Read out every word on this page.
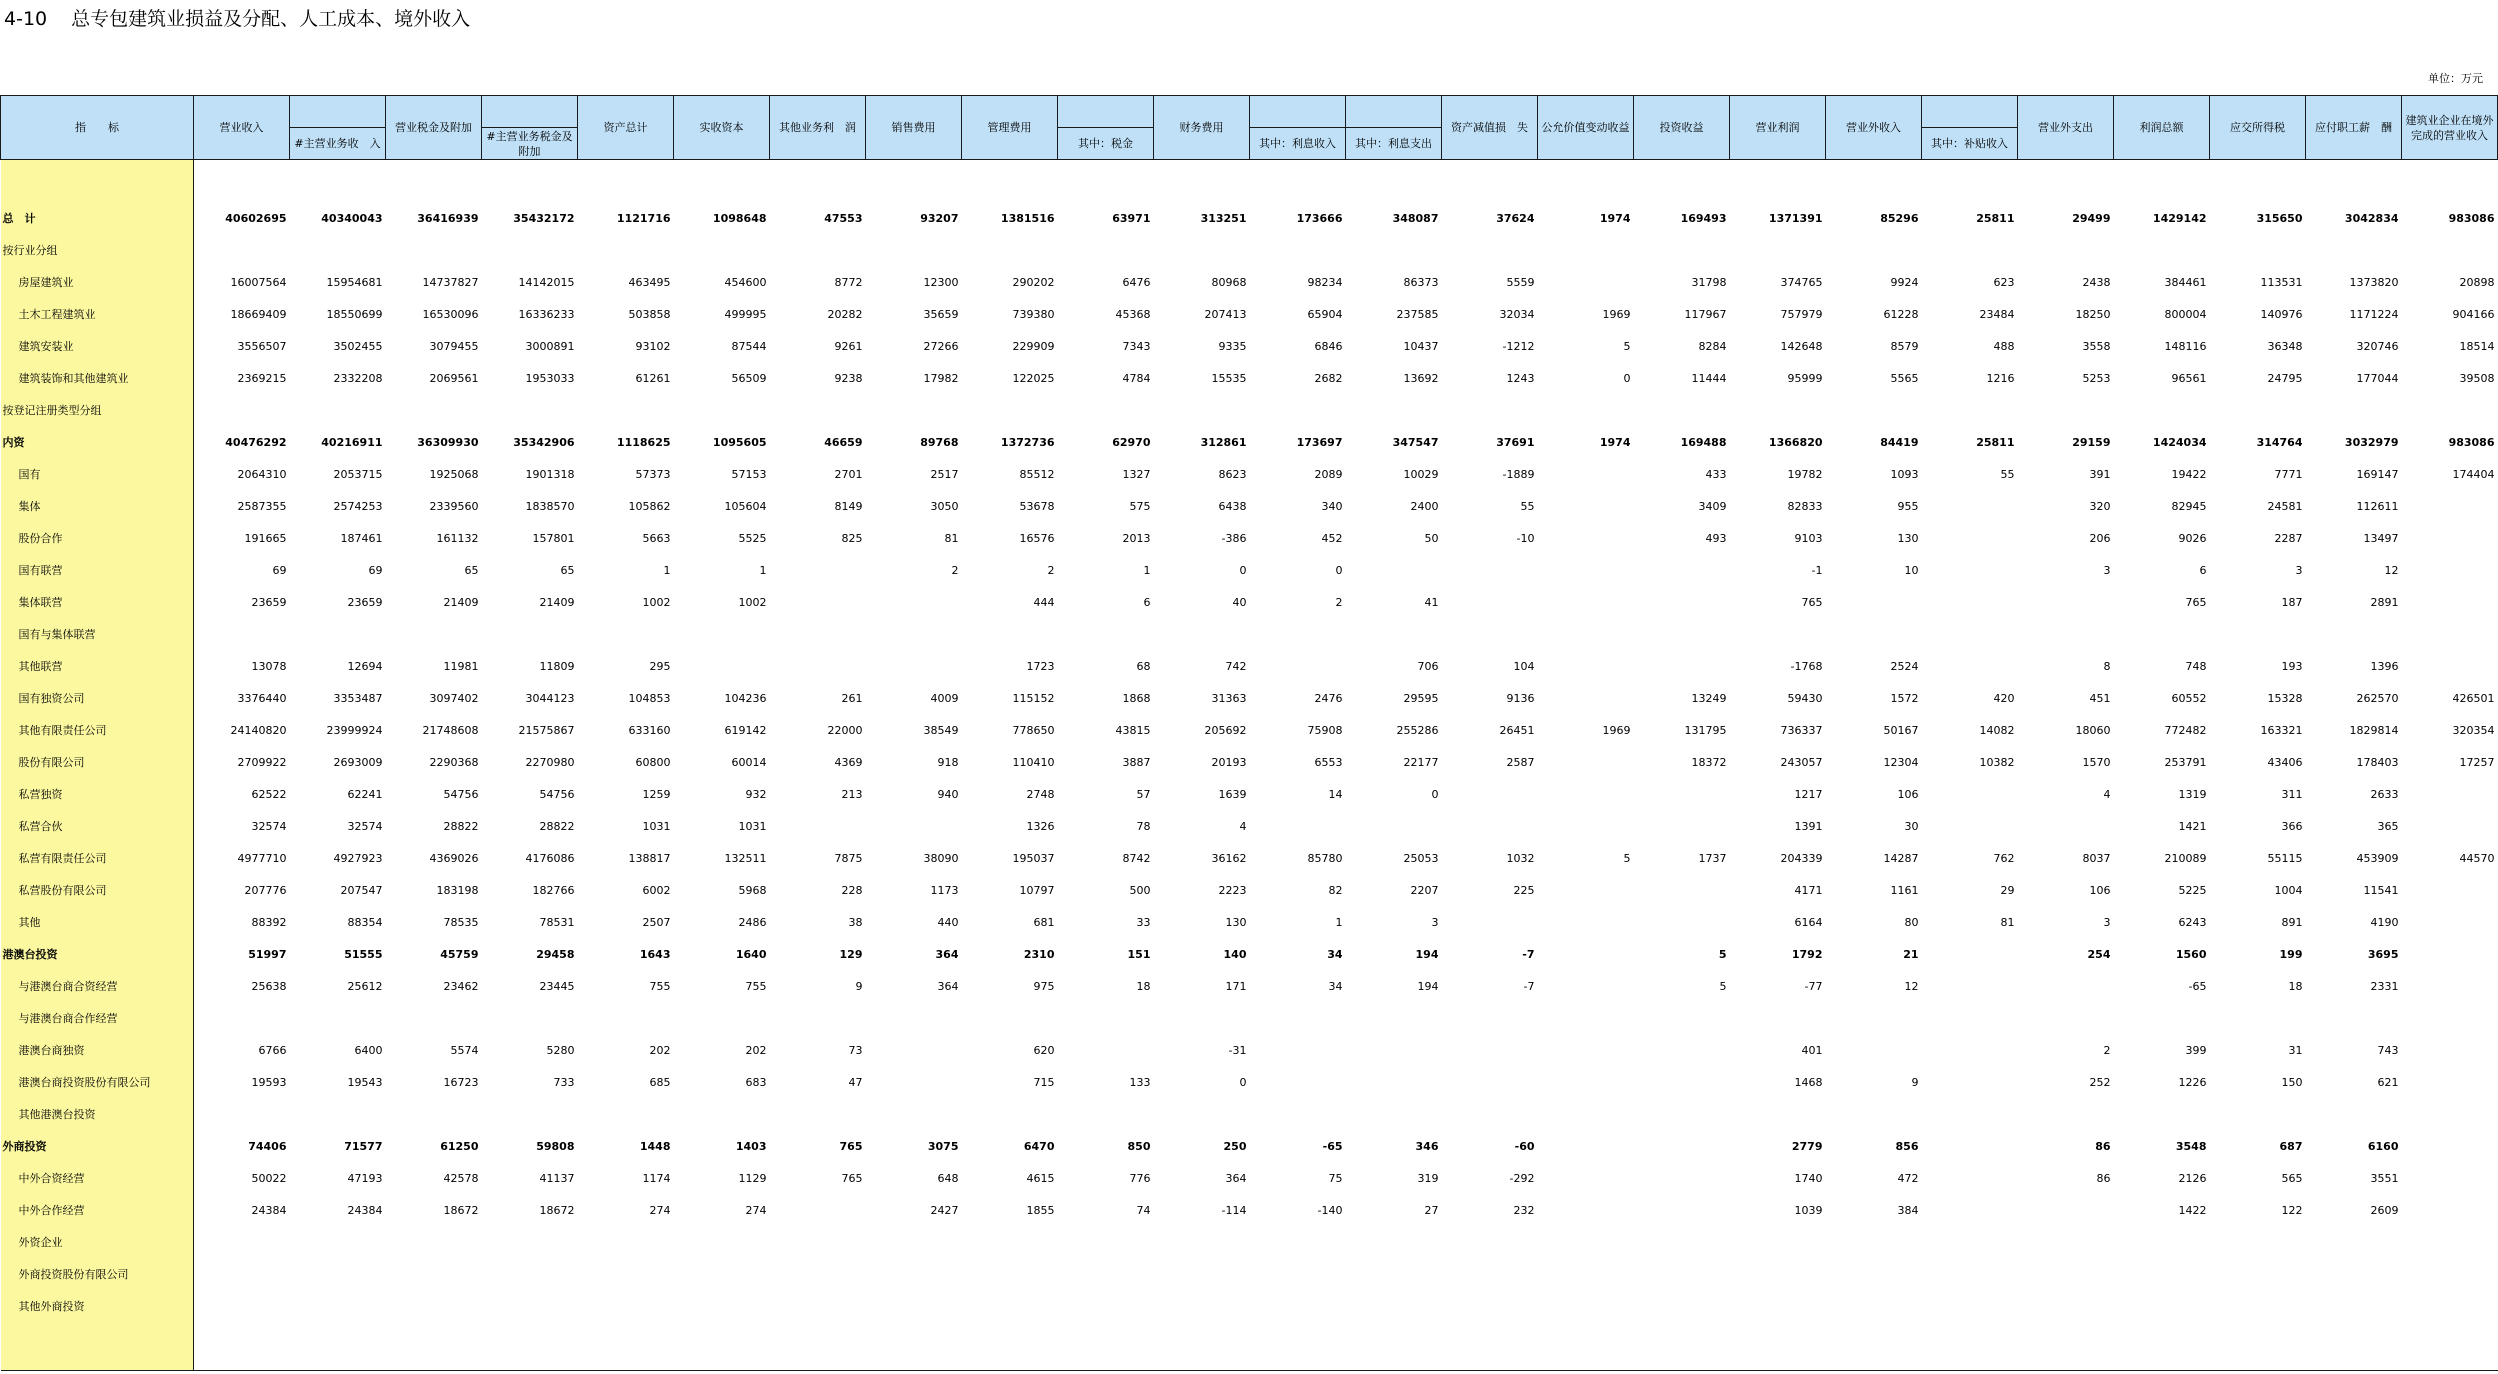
4-10 总专包建筑业损益及分配、人工成本、境外收入
单位：万元
指　　标	营业收入		营业税金及附加		资产总计	实收资本	其他业务利　润	销售费用	管理费用		财务费用			资产减值损　失	公允价值变动收益	投资收益	营业利润	营业外收入		营业外支出	利润总额	应交所得税	应付职工薪　酬	建筑业企业在境外完成的营业收入
		#主营业务收　入		#主营业务税金及附加						其中：税金		其中：利息收入	其中：利息支出						其中：补贴收入					

总　计	40602695	40340043	36416939	35432172	1121716	1098648	47553	93207	1381516	63971	313251	173666	348087	37624	1974	169493	1371391	85296	25811	29499	1429142	315650	3042834	983086
按行业分组																								
房屋建筑业	16007564	15954681	14737827	14142015	463495	454600	8772	12300	290202	6476	80968	98234	86373	5559		31798	374765	9924	623	2438	384461	113531	1373820	20898
土木工程建筑业	18669409	18550699	16530096	16336233	503858	499995	20282	35659	739380	45368	207413	65904	237585	32034	1969	117967	757979	61228	23484	18250	800004	140976	1171224	904166
建筑安装业	3556507	3502455	3079455	3000891	93102	87544	9261	27266	229909	7343	9335	6846	10437	-1212	5	8284	142648	8579	488	3558	148116	36348	320746	18514
建筑装饰和其他建筑业	2369215	2332208	2069561	1953033	61261	56509	9238	17982	122025	4784	15535	2682	13692	1243	0	11444	95999	5565	1216	5253	96561	24795	177044	39508
按登记注册类型分组																								
内资	40476292	40216911	36309930	35342906	1118625	1095605	46659	89768	1372736	62970	312861	173697	347547	37691	1974	169488	1366820	84419	25811	29159	1424034	314764	3032979	983086
国有	2064310	2053715	1925068	1901318	57373	57153	2701	2517	85512	1327	8623	2089	10029	-1889		433	19782	1093	55	391	19422	7771	169147	174404
集体	2587355	2574253	2339560	1838570	105862	105604	8149	3050	53678	575	6438	340	2400	55		3409	82833	955		320	82945	24581	112611	
股份合作	191665	187461	161132	157801	5663	5525	825	81	16576	2013	-386	452	50	-10		493	9103	130		206	9026	2287	13497	
国有联营	69	69	65	65	1	1		2	2	1	0	0					-1	10		3	6	3	12	
集体联营	23659	23659	21409	21409	1002	1002			444	6	40	2	41				765				765	187	2891	
国有与集体联营																								
其他联营	13078	12694	11981	11809	295				1723	68	742		706	104			-1768	2524		8	748	193	1396	
国有独资公司	3376440	3353487	3097402	3044123	104853	104236	261	4009	115152	1868	31363	2476	29595	9136		13249	59430	1572	420	451	60552	15328	262570	426501
其他有限责任公司	24140820	23999924	21748608	21575867	633160	619142	22000	38549	778650	43815	205692	75908	255286	26451	1969	131795	736337	50167	14082	18060	772482	163321	1829814	320354
股份有限公司	2709922	2693009	2290368	2270980	60800	60014	4369	918	110410	3887	20193	6553	22177	2587		18372	243057	12304	10382	1570	253791	43406	178403	17257
私营独资	62522	62241	54756	54756	1259	932	213	940	2748	57	1639	14	0				1217	106		4	1319	311	2633	
私营合伙	32574	32574	28822	28822	1031	1031			1326	78	4						1391	30			1421	366	365	
私营有限责任公司	4977710	4927923	4369026	4176086	138817	132511	7875	38090	195037	8742	36162	85780	25053	1032	5	1737	204339	14287	762	8037	210089	55115	453909	44570
私营股份有限公司	207776	207547	183198	182766	6002	5968	228	1173	10797	500	2223	82	2207	225			4171	1161	29	106	5225	1004	11541	
其他	88392	88354	78535	78531	2507	2486	38	440	681	33	130	1	3				6164	80	81	3	6243	891	4190	
港澳台投资	51997	51555	45759	29458	1643	1640	129	364	2310	151	140	34	194	-7		5	1792	21		254	1560	199	3695	
与港澳台商合资经营	25638	25612	23462	23445	755	755	9	364	975	18	171	34	194	-7		5	-77	12			-65	18	2331	
与港澳台商合作经营																								
港澳台商独资	6766	6400	5574	5280	202	202	73		620		-31						401			2	399	31	743	
港澳台商投资股份有限公司	19593	19543	16723	733	685	683	47		715	133	0						1468	9		252	1226	150	621	
其他港澳台投资																								
外商投资	74406	71577	61250	59808	1448	1403	765	3075	6470	850	250	-65	346	-60			2779	856		86	3548	687	6160	
中外合资经营	50022	47193	42578	41137	1174	1129	765	648	4615	776	364	75	319	-292			1740	472		86	2126	565	3551	
中外合作经营	24384	24384	18672	18672	274	274		2427	1855	74	-114	-140	27	232			1039	384			1422	122	2609	
外资企业																								
外商投资股份有限公司																								
其他外商投资																								
